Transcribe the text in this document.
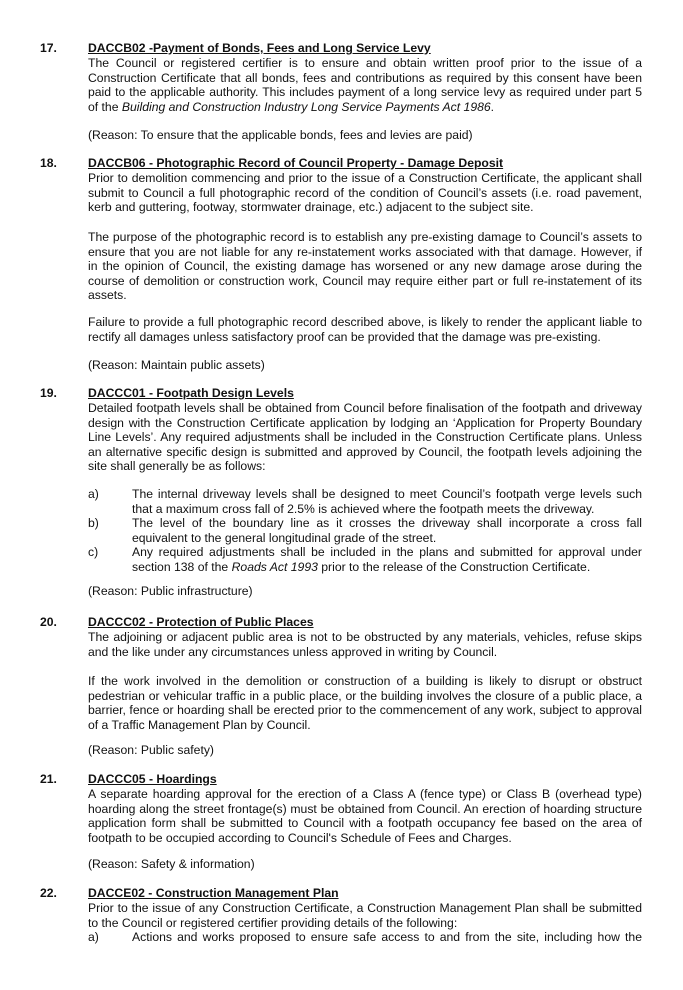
17.	DACCB02 -Payment of Bonds, Fees and Long Service Levy
The Council or registered certifier is to ensure and obtain written proof prior to the issue of a
Construction Certificate that all bonds, fees and contributions as required by this consent have been
paid to the applicable authority. This includes payment of a long service levy as required under part 5
of the Building and Construction Industry Long Service Payments Act 1986.
(Reason: To ensure that the applicable bonds, fees and levies are paid)
18.	DACCB06 - Photographic Record of Council Property - Damage Deposit
Prior to demolition commencing and prior to the issue of a Construction Certificate, the applicant shall
submit to Council a full photographic record of the condition of Council’s assets (i.e. road pavement,
kerb and guttering, footway, stormwater drainage, etc.) adjacent to the subject site.
The purpose of the photographic record is to establish any pre-existing damage to Council’s assets to
ensure that you are not liable for any re-instatement works associated with that damage. However, if
in the opinion of Council, the existing damage has worsened or any new damage arose during the
course of demolition or construction work, Council may require either part or full re-instatement of its
assets.
Failure to provide a full photographic record described above, is likely to render the applicant liable to
rectify all damages unless satisfactory proof can be provided that the damage was pre-existing.
(Reason: Maintain public assets)
19.	DACCC01 - Footpath Design Levels
Detailed footpath levels shall be obtained from Council before finalisation of the footpath and driveway
design with the Construction Certificate application by lodging an ‘Application for Property Boundary
Line Levels’. Any required adjustments shall be included in the Construction Certificate plans. Unless
an alternative specific design is submitted and approved by Council, the footpath levels adjoining the
site shall generally be as follows:
a)	The internal driveway levels shall be designed to meet Council’s footpath verge levels such
that a maximum cross fall of 2.5% is achieved where the footpath meets the driveway.
b)	The level of the boundary line as it crosses the driveway shall incorporate a cross fall
equivalent to the general longitudinal grade of the street.
c)	Any required adjustments shall be included in the plans and submitted for approval under
section 138 of the Roads Act 1993 prior to the release of the Construction Certificate.
(Reason: Public infrastructure)
20.	DACCC02 - Protection of Public Places
The adjoining or adjacent public area is not to be obstructed by any materials, vehicles, refuse skips
and the like under any circumstances unless approved in writing by Council.
If the work involved in the demolition or construction of a building is likely to disrupt or obstruct
pedestrian or vehicular traffic in a public place, or the building involves the closure of a public place, a
barrier, fence or hoarding shall be erected prior to the commencement of any work, subject to approval
of a Traffic Management Plan by Council.
(Reason: Public safety)
21.	DACCC05 - Hoardings
A separate hoarding approval for the erection of a Class A (fence type) or Class B (overhead type)
hoarding along the street frontage(s) must be obtained from Council. An erection of hoarding structure
application form shall be submitted to Council with a footpath occupancy fee based on the area of
footpath to be occupied according to Council's Schedule of Fees and Charges.
(Reason: Safety & information)
22.	DACCE02 - Construction Management Plan
Prior to the issue of any Construction Certificate, a Construction Management Plan shall be submitted
to the Council or registered certifier providing details of the following:
a)	Actions and works proposed to ensure safe access to and from the site, including how the
